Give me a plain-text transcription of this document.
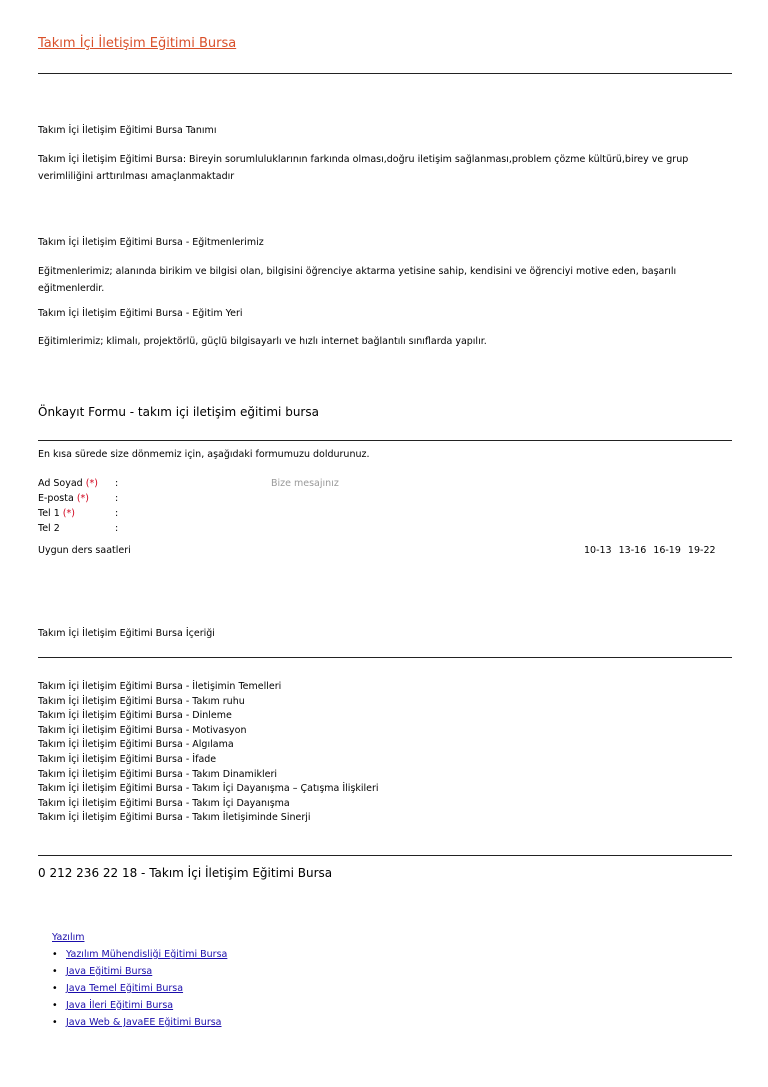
Takım İçi İletişim Eğitimi Bursa
Takım İçi İletişim Eğitimi Bursa Tanımı
Takım İçi İletişim Eğitimi Bursa: Bireyin sorumluluklarının farkında olması,doğru iletişim sağlanması,problem çözme kültürü,birey ve grup verimliliğini arttırılması amaçlanmaktadır
Takım İçi İletişim Eğitimi Bursa - Eğitmenlerimiz
Eğitmenlerimiz; alanında birikim ve bilgisi olan, bilgisini öğrenciye aktarma yetisine sahip, kendisini ve öğrenciyi motive eden, başarılı eğitmenlerdir.
Takım İçi İletişim Eğitimi Bursa - Eğitim Yeri
Eğitimlerimiz; klimalı, projektörlü, güçlü bilgisayarlı ve hızlı internet bağlantılı sınıflarda yapılır.
Önkayıt Formu - takım içi iletişim eğitimi bursa
En kısa sürede size dönmemiz için, aşağıdaki formumuzu doldurunuz.
Ad Soyad (*) :
E-posta (*)	:
Tel 1 (*)	:
Tel 2	:
Bize mesajınız
Uygun ders saatleri	10-13 13-16 16-19 19-22
Takım İçi İletişim Eğitimi Bursa İçeriği
Takım İçi İletişim Eğitimi Bursa - İletişimin Temelleri
Takım İçi İletişim Eğitimi Bursa - Takım ruhu
Takım İçi İletişim Eğitimi Bursa - Dinleme
Takım İçi İletişim Eğitimi Bursa - Motivasyon
Takım İçi İletişim Eğitimi Bursa - Algılama
Takım İçi İletişim Eğitimi Bursa - İfade
Takım İçi İletişim Eğitimi Bursa - Takım Dinamikleri
Takım İçi İletişim Eğitimi Bursa - Takım İçi Dayanışma – Çatışma İlişkileri
Takım İçi İletişim Eğitimi Bursa - Takım İçi Dayanışma
Takım İçi İletişim Eğitimi Bursa - Takım İletişiminde Sinerji
0 212 236 22 18 - Takım İçi İletişim Eğitimi Bursa
Yazılım
• Yazılım Mühendisliği Eğitimi Bursa
• Java Eğitimi Bursa
• Java Temel Eğitimi Bursa
• Java İleri Eğitimi Bursa
• Java Web & JavaEE Eğitimi Bursa
